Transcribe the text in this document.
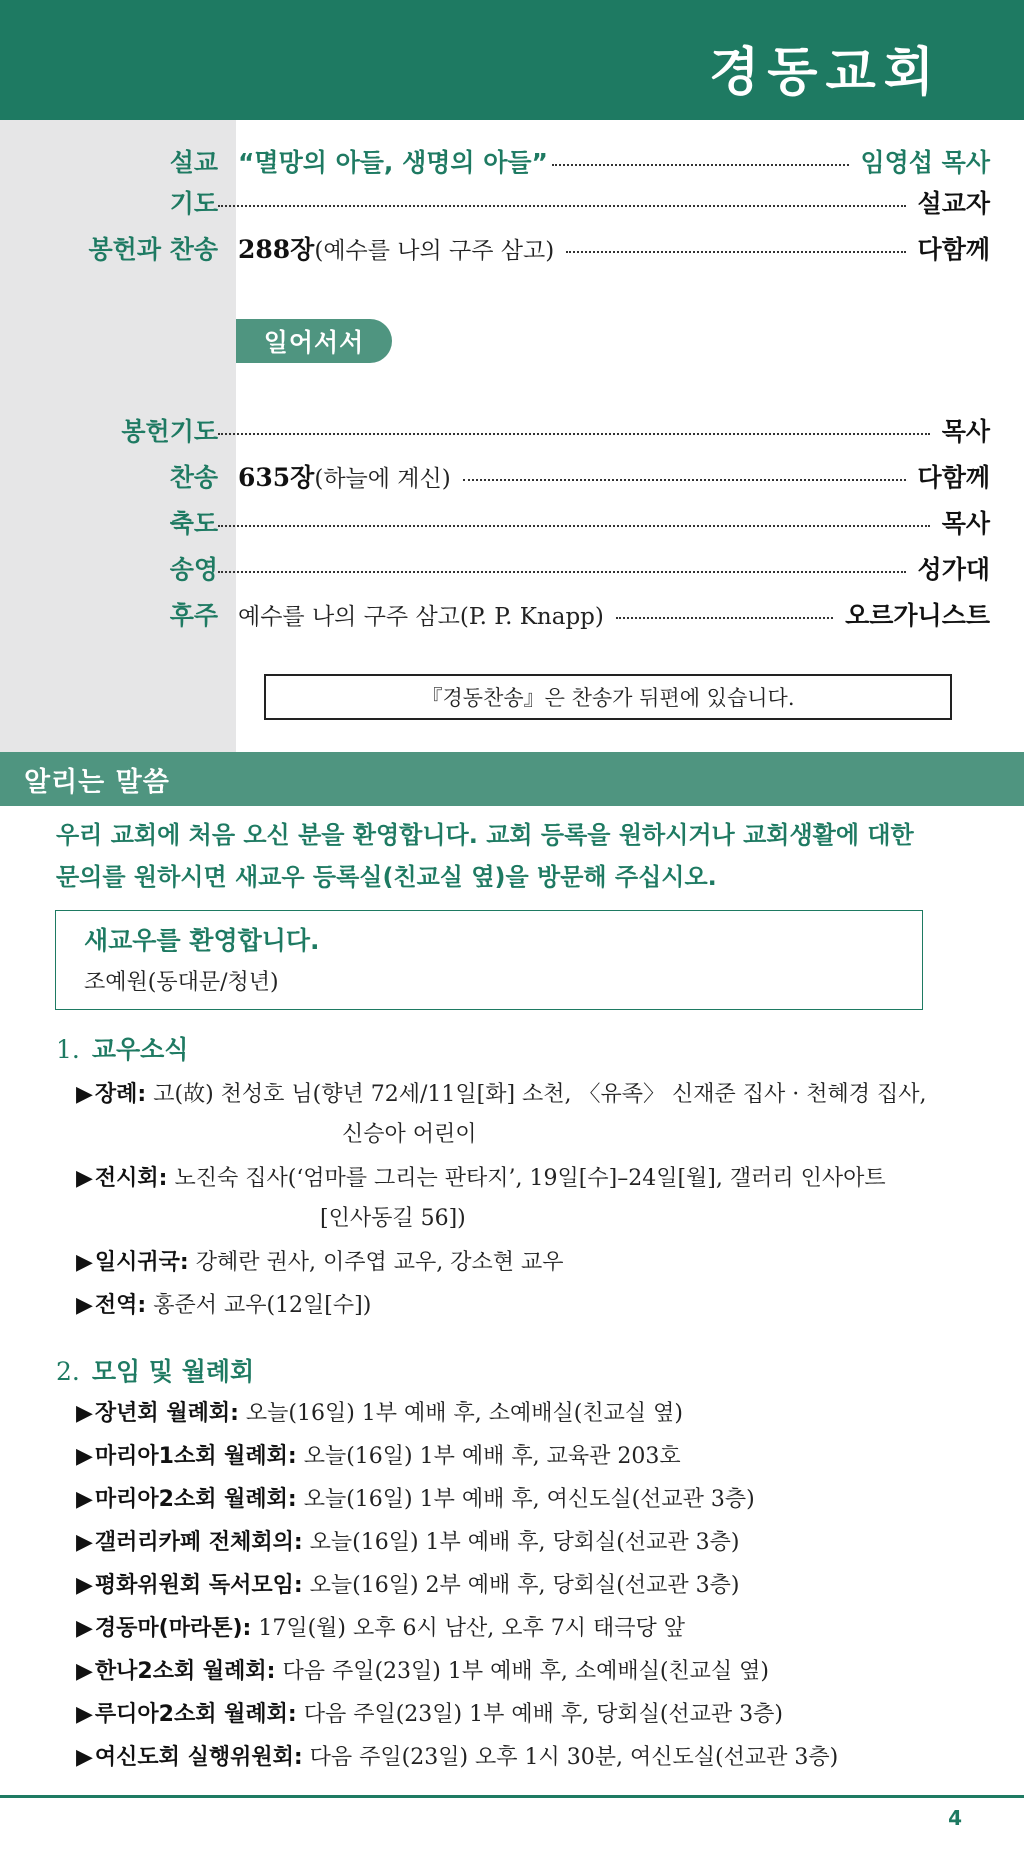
경동교회
설교 “멸망의 아들, 생명의 아들”	임영섭 목사
기도	설교자
봉헌과 찬송 288장 (예수를 나의 구주 삼고)	다함께
일어서서
봉헌기도	목사
찬송 635장 (하늘에 계신)	다함께
축도	목사
송영	성가대
후주 예수를 나의 구주 삼고(P. P. Knapp)	오르가니스트
『경동찬송』은 찬송가 뒤편에 있습니다.
알리는 말씀
우리 교회에 처음 오신 분을 환영합니다. 교회 등록을 원하시거나 교회생활에 대한
문의를 원하시면 새교우 등록실(친교실 옆)을 방문해 주십시오.
새교우를 환영합니다.
조예원(동대문/청년)
1. 교우소식
▶장례: 고(故) 천성호 님(향년 72세/11일[화] 소천, 〈유족〉 신재준 집사 · 천혜경 집사,
신승아 어린이
▶전시회: 노진숙 집사(‘엄마를 그리는 판타지’, 19일[수]–24일[월], 갤러리 인사아트
[인사동길 56])
▶일시귀국: 강혜란 권사, 이주엽 교우, 강소현 교우
▶전역: 홍준서 교우(12일[수])
2. 모임 및 월례회
▶장년회 월례회: 오늘(16일) 1부 예배 후, 소예배실(친교실 옆)
▶마리아1소회 월례회: 오늘(16일) 1부 예배 후, 교육관 203호
▶마리아2소회 월례회: 오늘(16일) 1부 예배 후, 여신도실(선교관 3층)
▶갤러리카페 전체회의: 오늘(16일) 1부 예배 후, 당회실(선교관 3층)
▶평화위원회 독서모임: 오늘(16일) 2부 예배 후, 당회실(선교관 3층)
▶경동마(마라톤): 17일(월) 오후 6시 남산, 오후 7시 태극당 앞
▶한나2소회 월례회: 다음 주일(23일) 1부 예배 후, 소예배실(친교실 옆)
▶루디아2소회 월례회: 다음 주일(23일) 1부 예배 후, 당회실(선교관 3층)
▶여신도회 실행위원회: 다음 주일(23일) 오후 1시 30분, 여신도실(선교관 3층)
4
